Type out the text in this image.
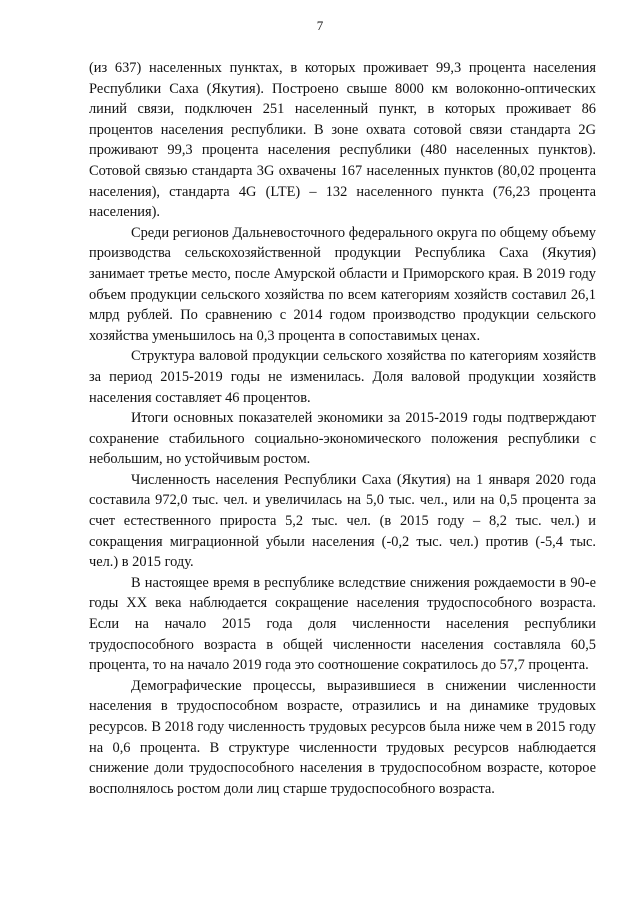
7

(из 637) населенных пунктах, в которых проживает 99,3 процента населения Республики Саха (Якутия). Построено свыше 8000 км волоконно-оптических линий связи, подключен 251 населенный пункт, в которых проживает 86 процентов населения республики. В зоне охвата сотовой связи стандарта 2G проживают 99,3 процента населения республики (480 населенных пунктов). Сотовой связью стандарта 3G охвачены 167 населенных пунктов (80,02 процента населения), стандарта 4G (LTE) – 132 населенного пункта (76,23 процента населения).

Среди регионов Дальневосточного федерального округа по общему объему производства сельскохозяйственной продукции Республика Саха (Якутия) занимает третье место, после Амурской области и Приморского края. В 2019 году объем продукции сельского хозяйства по всем категориям хозяйств составил 26,1 млрд рублей. По сравнению с 2014 годом производство продукции сельского хозяйства уменьшилось на 0,3 процента в сопоставимых ценах.

Структура валовой продукции сельского хозяйства по категориям хозяйств за период 2015-2019 годы не изменилась. Доля валовой продукции хозяйств населения составляет 46 процентов.

Итоги основных показателей экономики за 2015-2019 годы подтверждают сохранение стабильного социально-экономического положения республики с небольшим, но устойчивым ростом.

Численность населения Республики Саха (Якутия) на 1 января 2020 года составила 972,0 тыс. чел. и увеличилась на 5,0 тыс. чел., или на 0,5 процента за счет естественного прироста 5,2 тыс. чел. (в 2015 году – 8,2 тыс. чел.) и сокращения миграционной убыли населения (-0,2 тыс. чел.) против (-5,4 тыс. чел.) в 2015 году.

В настоящее время в республике вследствие снижения рождаемости в 90-е годы XX века наблюдается сокращение населения трудоспособного возраста. Если на начало 2015 года доля численности населения республики трудоспособного возраста в общей численности населения составляла 60,5 процента, то на начало 2019 года это соотношение сократилось до 57,7 процента.

Демографические процессы, выразившиеся в снижении численности населения в трудоспособном возрасте, отразились и на динамике трудовых ресурсов. В 2018 году численность трудовых ресурсов была ниже чем в 2015 году на 0,6 процента. В структуре численности трудовых ресурсов наблюдается снижение доли трудоспособного населения в трудоспособном возрасте, которое восполнялось ростом доли лиц старше трудоспособного возраста.
